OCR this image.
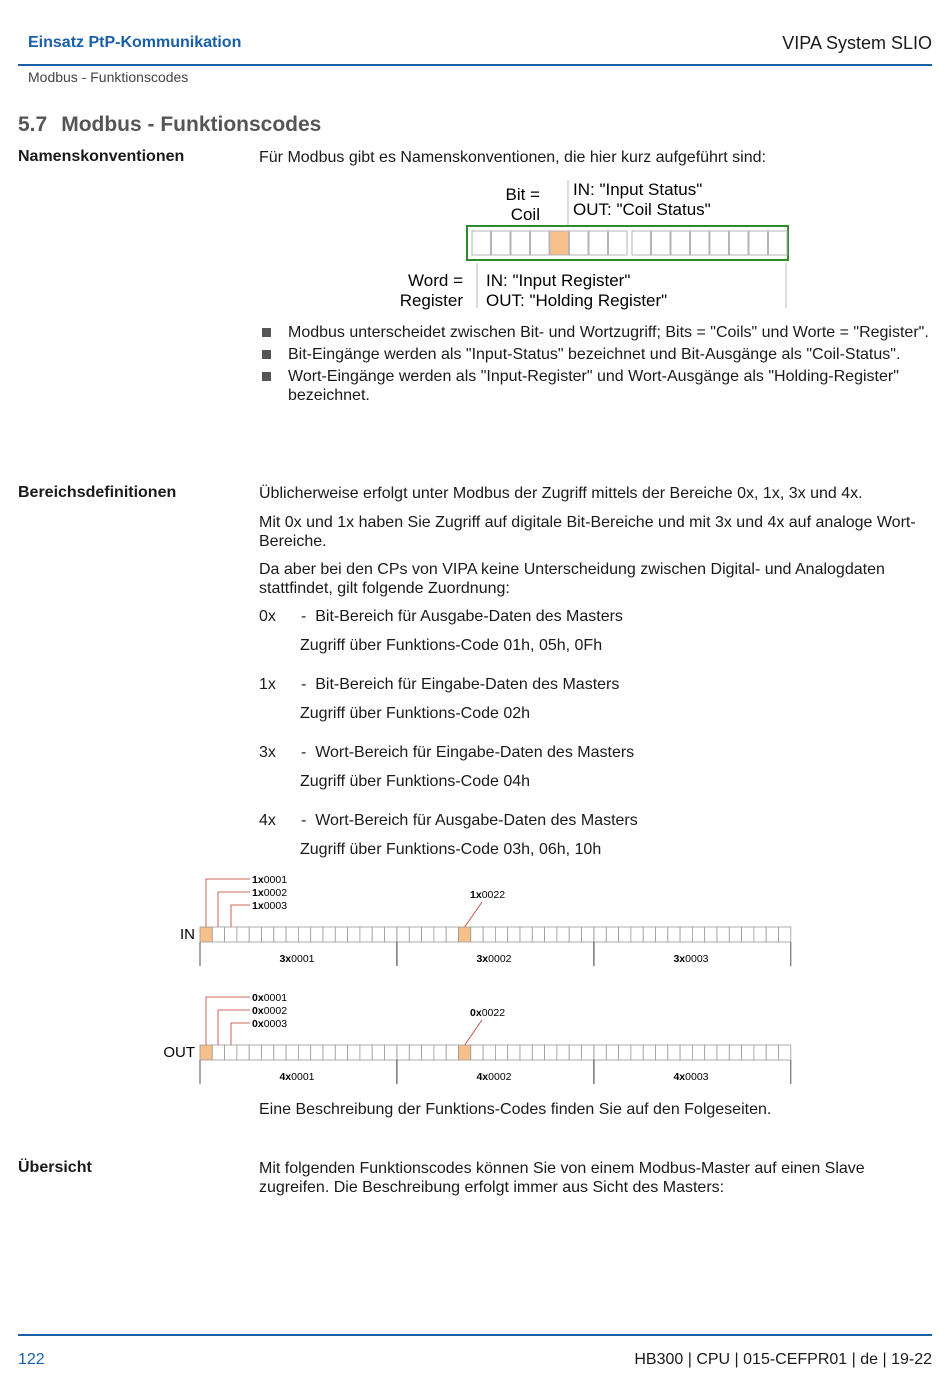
Einsatz PtP-Kommunikation	VIPA System SLIO
Modbus - Funktionscodes
5.7 Modbus - Funktionscodes
Namenskonventionen	Für Modbus gibt es Namenskonventionen, die hier kurz aufgeführt sind:
Bit =
Coil
IN: "Input Status"
OUT: "Coil Status"
Word =
Register
IN: "Input Register"
OUT: "Holding Register"
Modbus unterscheidet zwischen Bit- und Wortzugriff; Bits = "Coils" und Worte = "Register".
Bit-Eingänge werden als "Input-Status" bezeichnet und Bit-Ausgänge als "Coil-Status".
Wort-Eingänge werden als "Input-Register" und Wort-Ausgänge als "Holding-Register" bezeichnet.
Bereichsdefinitionen	Üblicherweise erfolgt unter Modbus der Zugriff mittels der Bereiche 0x, 1x, 3x und 4x.
Mit 0x und 1x haben Sie Zugriff auf digitale Bit-Bereiche und mit 3x und 4x auf analoge Wort-Bereiche.
Da aber bei den CPs von VIPA keine Unterscheidung zwischen Digital- und Analogdaten stattfindet, gilt folgende Zuordnung:
0x - Bit-Bereich für Ausgabe-Daten des Masters
Zugriff über Funktions-Code 01h, 05h, 0Fh
1x - Bit-Bereich für Eingabe-Daten des Masters
Zugriff über Funktions-Code 02h
3x - Wort-Bereich für Eingabe-Daten des Masters
Zugriff über Funktions-Code 04h
4x - Wort-Bereich für Ausgabe-Daten des Masters
Zugriff über Funktions-Code 03h, 06h, 10h
IN
1x0001
1x0002
1x0003
1x0022
3x0001	3x0002	3x0003
OUT
0x0001
0x0002
0x0003
0x0022
4x0001	4x0002	4x0003
Eine Beschreibung der Funktions-Codes finden Sie auf den Folgeseiten.
Übersicht	Mit folgenden Funktionscodes können Sie von einem Modbus-Master auf einen Slave zugreifen. Die Beschreibung erfolgt immer aus Sicht des Masters:
122	HB300 | CPU | 015-CEFPR01 | de | 19-22
